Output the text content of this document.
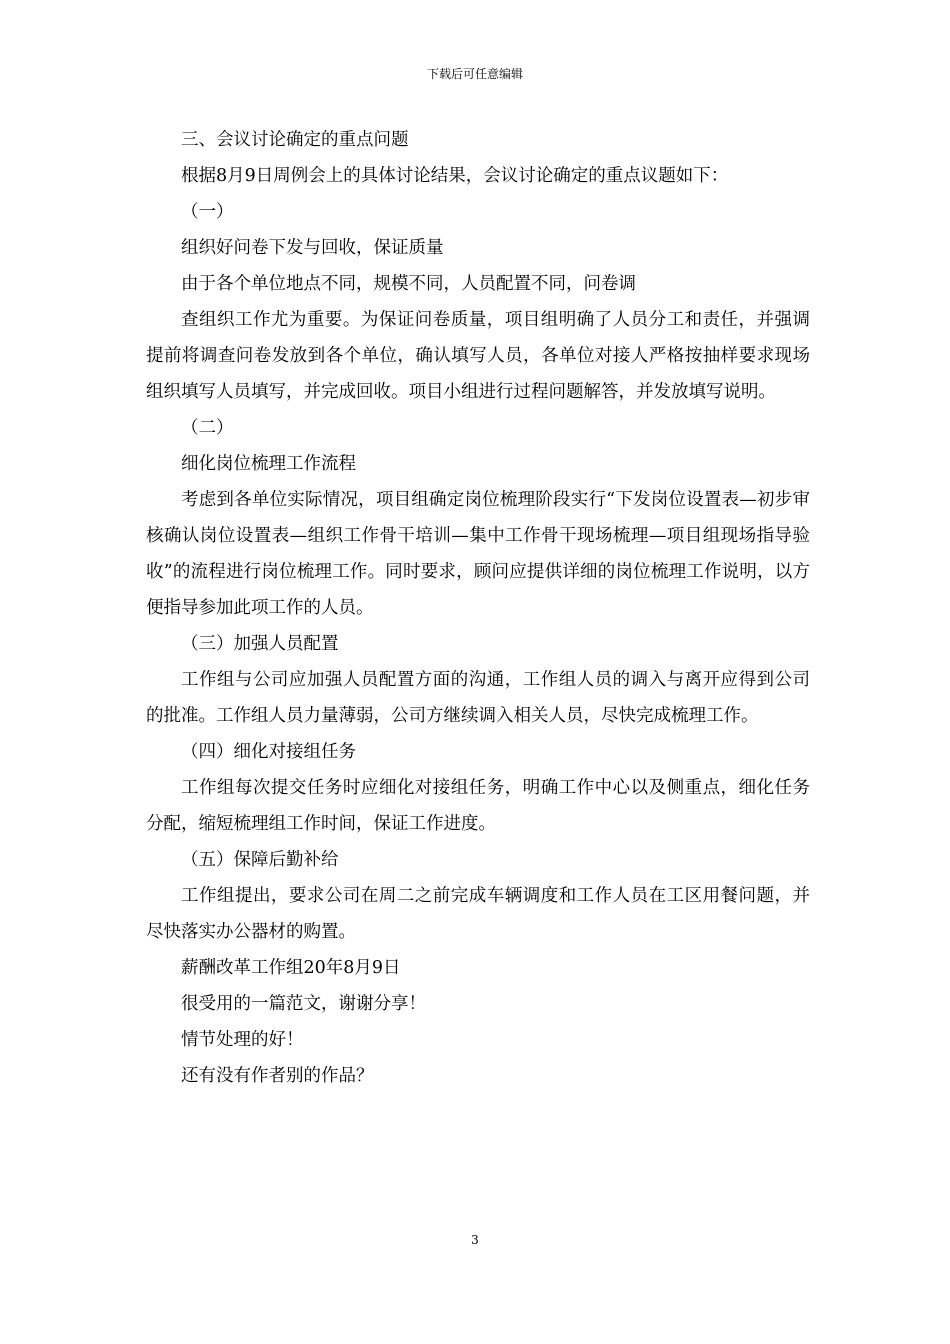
下载后可任意编辑

三、会议讨论确定的重点问题

根据8月9日周例会上的具体讨论结果，会议讨论确定的重点议题如下：

（一）

组织好问卷下发与回收，保证质量

由于各个单位地点不同，规模不同，人员配置不同，问卷调

查组织工作尤为重要。为保证问卷质量，项目组明确了人员分工和责任，并强调提前将调查问卷发放到各个单位，确认填写人员，各单位对接人严格按抽样要求现场组织填写人员填写，并完成回收。项目小组进行过程问题解答，并发放填写说明。

（二）

细化岗位梳理工作流程

考虑到各单位实际情况，项目组确定岗位梳理阶段实行“下发岗位设置表—初步审核确认岗位设置表—组织工作骨干培训—集中工作骨干现场梳理—项目组现场指导验收”的流程进行岗位梳理工作。同时要求，顾问应提供详细的岗位梳理工作说明，以方便指导参加此项工作的人员。

（三）加强人员配置

工作组与公司应加强人员配置方面的沟通，工作组人员的调入与离开应得到公司的批准。工作组人员力量薄弱，公司方继续调入相关人员，尽快完成梳理工作。

（四）细化对接组任务

工作组每次提交任务时应细化对接组任务，明确工作中心以及侧重点，细化任务分配，缩短梳理组工作时间，保证工作进度。

（五）保障后勤补给

工作组提出，要求公司在周二之前完成车辆调度和工作人员在工区用餐问题，并尽快落实办公器材的购置。

薪酬改革工作组20年8月9日

很受用的一篇范文，谢谢分享！

情节处理的好！

还有没有作者别的作品？

3
